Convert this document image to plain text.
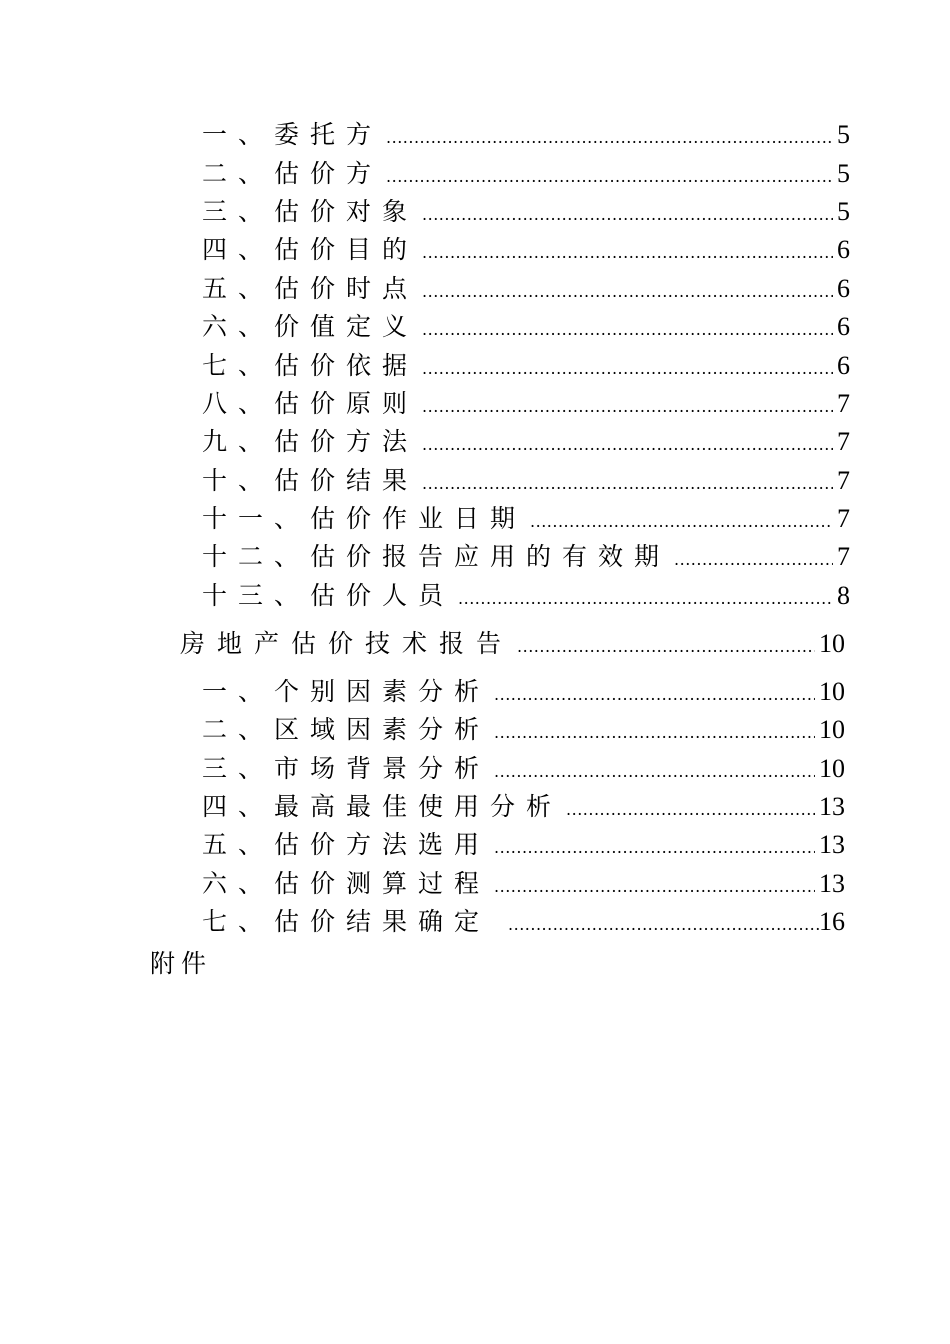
一、委托方 .....	5
二、估价方 .....	5
三、估价对象 .....	5
四、估价目的 .....	6
五、估价时点 .....	6
六、价值定义 .....	6
七、估价依据 .....	6
八、估价原则 .....	7
九、估价方法 .....	7
十、估价结果 .....	7
十一、估价作业日期 .....	7
十二、估价报告应用的有效期 .....	7
十三、估价人员 .....	8
房地产估价技术报告 .....	10
一、个别因素分析 .....	10
二、区域因素分析 .....	10
三、市场背景分析 .....	10
四、最高最佳使用分析 .....	13
五、估价方法选用 .....	13
六、估价测算过程 .....	13
七、估价结果确定 .....	16
附件
